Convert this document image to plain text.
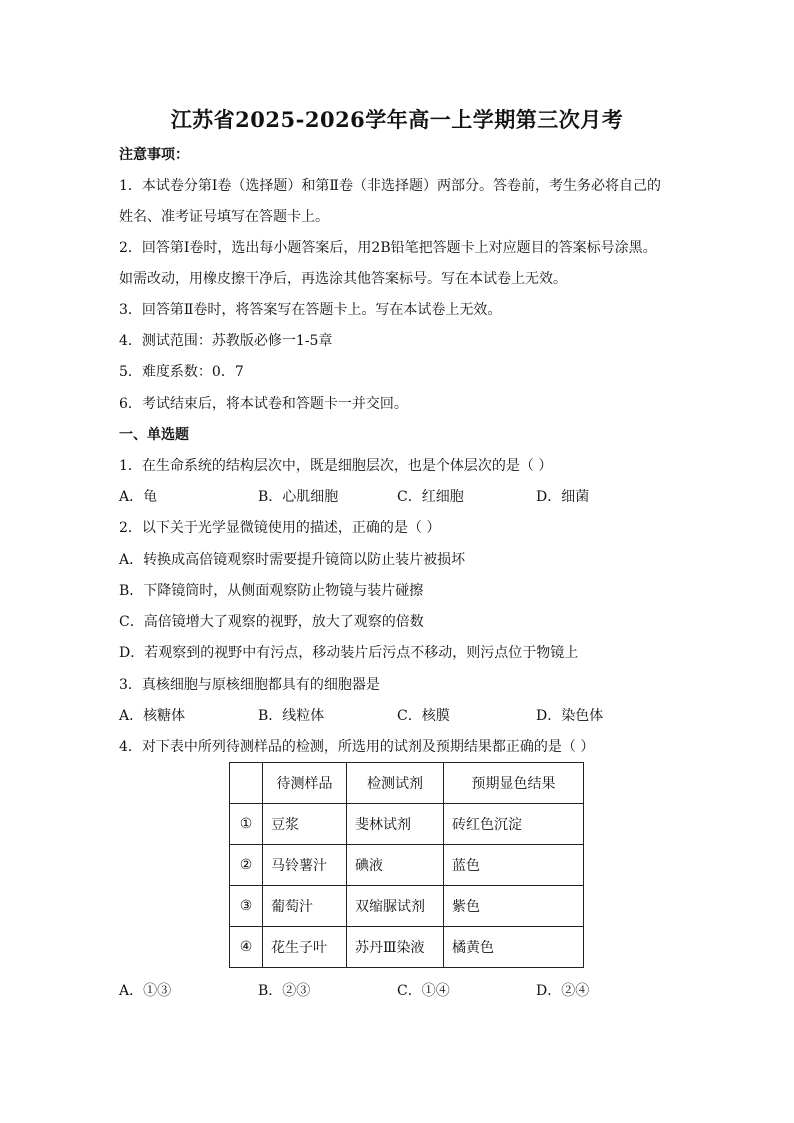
江苏省2025-2026学年高一上学期第三次月考
注意事项：
1．本试卷分第Ⅰ卷（选择题）和第Ⅱ卷（非选择题）两部分。答卷前，考生务必将自己的
姓名、准考证号填写在答题卡上。
2．回答第Ⅰ卷时，选出每小题答案后，用2B铅笔把答题卡上对应题目的答案标号涂黑。
如需改动，用橡皮擦干净后，再选涂其他答案标号。写在本试卷上无效。
3．回答第Ⅱ卷时，将答案写在答题卡上。写在本试卷上无效。
4．测试范围：苏教版必修一1-5章
5．难度系数：0．7
6．考试结束后，将本试卷和答题卡一并交回。
一、单选题
1．在生命系统的结构层次中，既是细胞层次，也是个体层次的是（ ）
A．龟	B．心肌细胞	C．红细胞	D．细菌
2．以下关于光学显微镜使用的描述，正确的是（ ）
A．转换成高倍镜观察时需要提升镜筒以防止装片被损坏
B．下降镜筒时，从侧面观察防止物镜与装片碰擦
C．高倍镜增大了观察的视野，放大了观察的倍数
D．若观察到的视野中有污点，移动装片后污点不移动，则污点位于物镜上
3．真核细胞与原核细胞都具有的细胞器是
A．核糖体	B．线粒体	C．核膜	D．染色体
4．对下表中所列待测样品的检测，所选用的试剂及预期结果都正确的是（ ）
	待测样品	检测试剂	预期显色结果
①	豆浆	斐林试剂	砖红色沉淀
②	马铃薯汁	碘液	蓝色
③	葡萄汁	双缩脲试剂	紫色
④	花生子叶	苏丹Ⅲ染液	橘黄色
A．①③	B．②③	C．①④	D．②④
